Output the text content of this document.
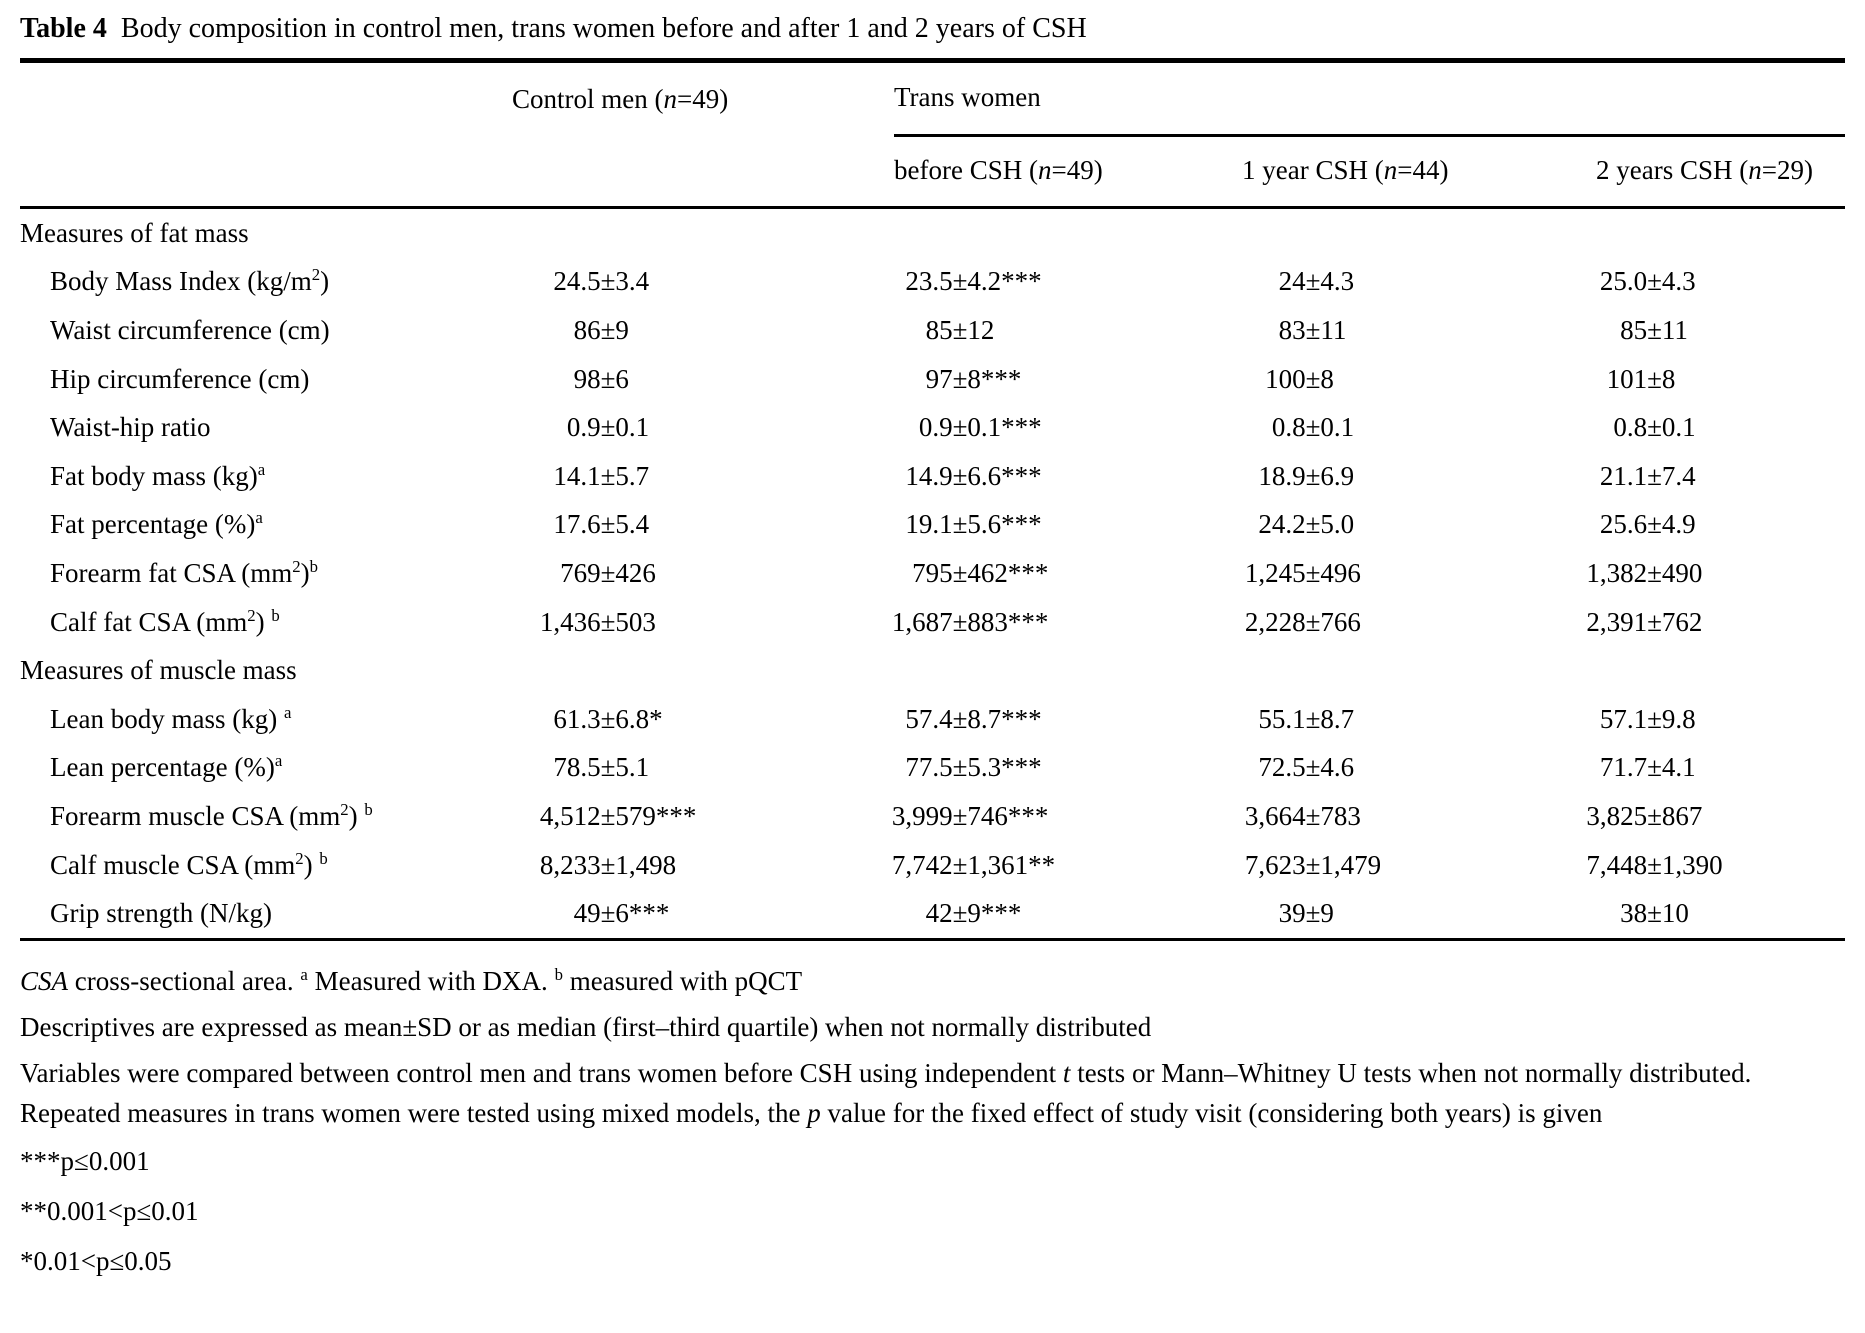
Table 4 Body composition in control men, trans women before and after 1 and 2 years of CSH
Control men (n=49)	Trans women
before CSH (n=49)	1 year CSH (n=44)	2 years CSH (n=29)
Measures of fat mass
Body Mass Index $(kg/m^2)$	24.5 ± 3.4	23.5 ± 4.2***	24 ± 4.3	25.0 ± 4.3
Waist circumference (cm)	86 ± 9	85 ± 12	83 ± 11	85 ± 11
Hip circumference (cm)	98 ± 6	97 ± 8***	100 ± 8	101 ± 8
Waist-hip ratio	0.9 ± 0.1	0.9 ± 0.1***	0.8 ± 0.1	0.8 ± 0.1
Fat body mass (kg)$^a$	14.1 ± 5.7	14.9 ± 6.6***	18.9 ± 6.9	21.1 ± 7.4
Fat percentage (%)$^a$	17.6 ± 5.4	19.1 ± 5.6***	24.2 ± 5.0	25.6 ± 4.9
Forearm fat CSA $(mm^2)^b$	769 ± 426	795 ± 462***	1,245 ± 496	1,382 ± 490
Calf fat CSA $(mm^2)$ $^b$	1,436 ± 503	1,687 ± 883***	2,228 ± 766	2,391 ± 762
Measures of muscle mass
Lean body mass (kg) $^a$	61.3 ± 6.8*	57.4 ± 8.7***	55.1 ± 8.7	57.1 ± 9.8
Lean percentage (%)$^a$	78.5 ± 5.1	77.5 ± 5.3***	72.5 ± 4.6	71.7 ± 4.1
Forearm muscle CSA $(mm^2)$ $^b$	4,512 ± 579***	3,999 ± 746***	3,664 ± 783	3,825 ± 867
Calf muscle CSA $(mm^2)$ $^b$	8,233 ± 1,498	7,742 ± 1,361**	7,623 ± 1,479	7,448 ± 1,390
Grip strength (N/kg)	49 ± 6***	42 ± 9***	39 ± 9	38 ± 10
CSA cross-sectional area. $^a$ Measured with DXA. $^b$ measured with pQCT
Descriptives are expressed as mean±SD or as median (first–third quartile) when not normally distributed
Variables were compared between control men and trans women before CSH using independent t tests or Mann–Whitney U tests when not normally distributed. Repeated measures in trans women were tested using mixed models, the p value for the fixed effect of study visit (considering both years) is given
***p≤0.001
**0.001<p≤0.01
*0.01<p≤0.05
